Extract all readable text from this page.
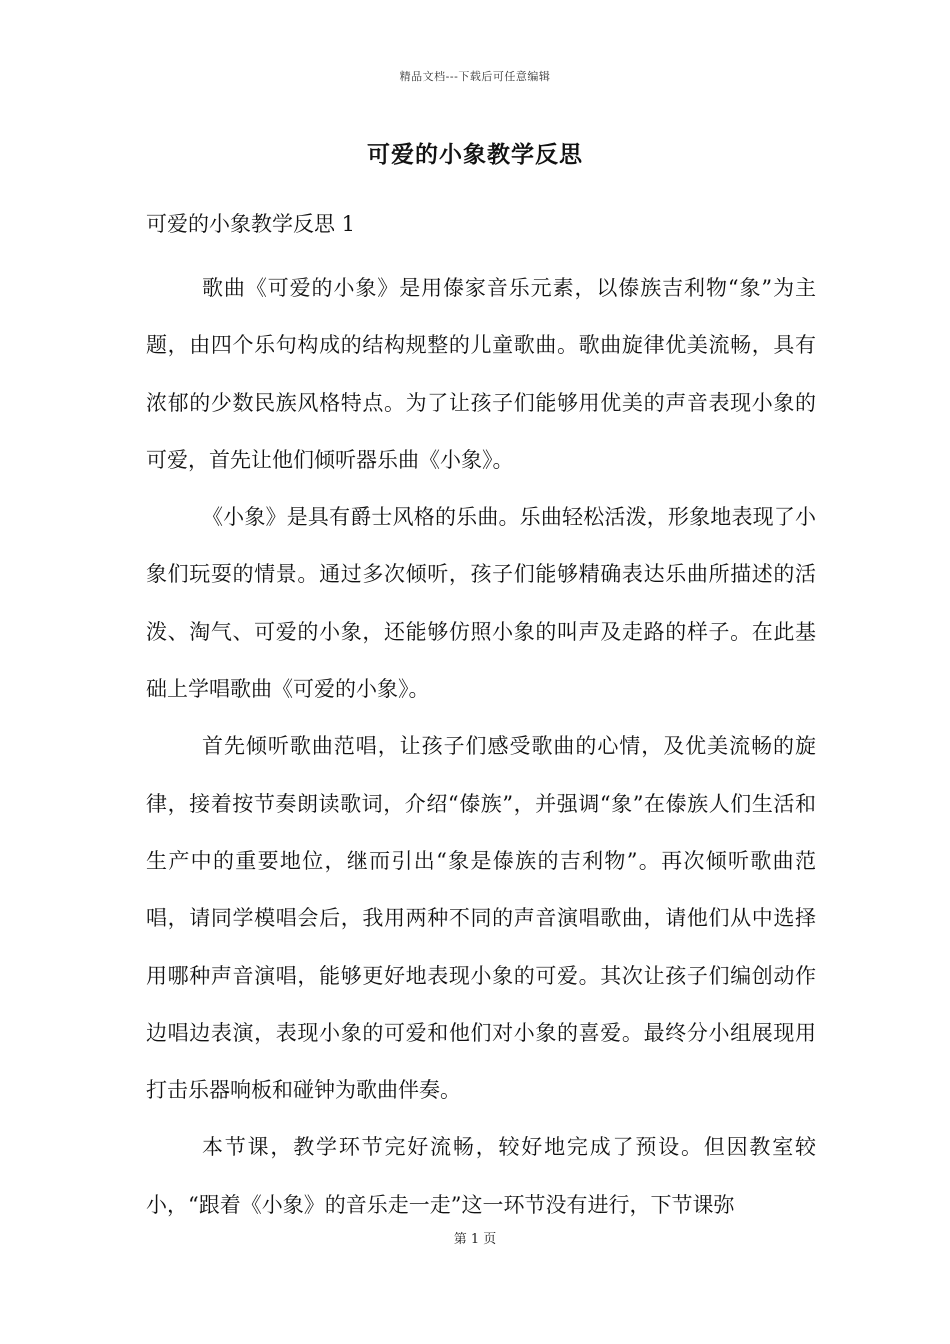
精品文档---下载后可任意编辑
可爱的小象教学反思

可爱的小象教学反思 1

歌曲《可爱的小象》是用傣家音乐元素，以傣族吉利物“象”为主题，由四个乐句构成的结构规整的儿童歌曲。歌曲旋律优美流畅，具有浓郁的少数民族风格特点。为了让孩子们能够用优美的声音表现小象的可爱，首先让他们倾听器乐曲《小象》。

《小象》是具有爵士风格的乐曲。乐曲轻松活泼，形象地表现了小象们玩耍的情景。通过多次倾听，孩子们能够精确表达乐曲所描述的活泼、淘气、可爱的小象，还能够仿照小象的叫声及走路的样子。在此基础上学唱歌曲《可爱的小象》。

首先倾听歌曲范唱，让孩子们感受歌曲的心情，及优美流畅的旋律，接着按节奏朗读歌词，介绍“傣族”，并强调“象”在傣族人们生活和生产中的重要地位，继而引出“象是傣族的吉利物”。再次倾听歌曲范唱，请同学模唱会后，我用两种不同的声音演唱歌曲，请他们从中选择用哪种声音演唱，能够更好地表现小象的可爱。其次让孩子们编创动作边唱边表演，表现小象的可爱和他们对小象的喜爱。最终分小组展现用打击乐器响板和碰钟为歌曲伴奏。

本节课，教学环节完好流畅，较好地完成了预设。但因教室较小，“跟着《小象》的音乐走一走”这一环节没有进行，下节课弥

第 1 页
